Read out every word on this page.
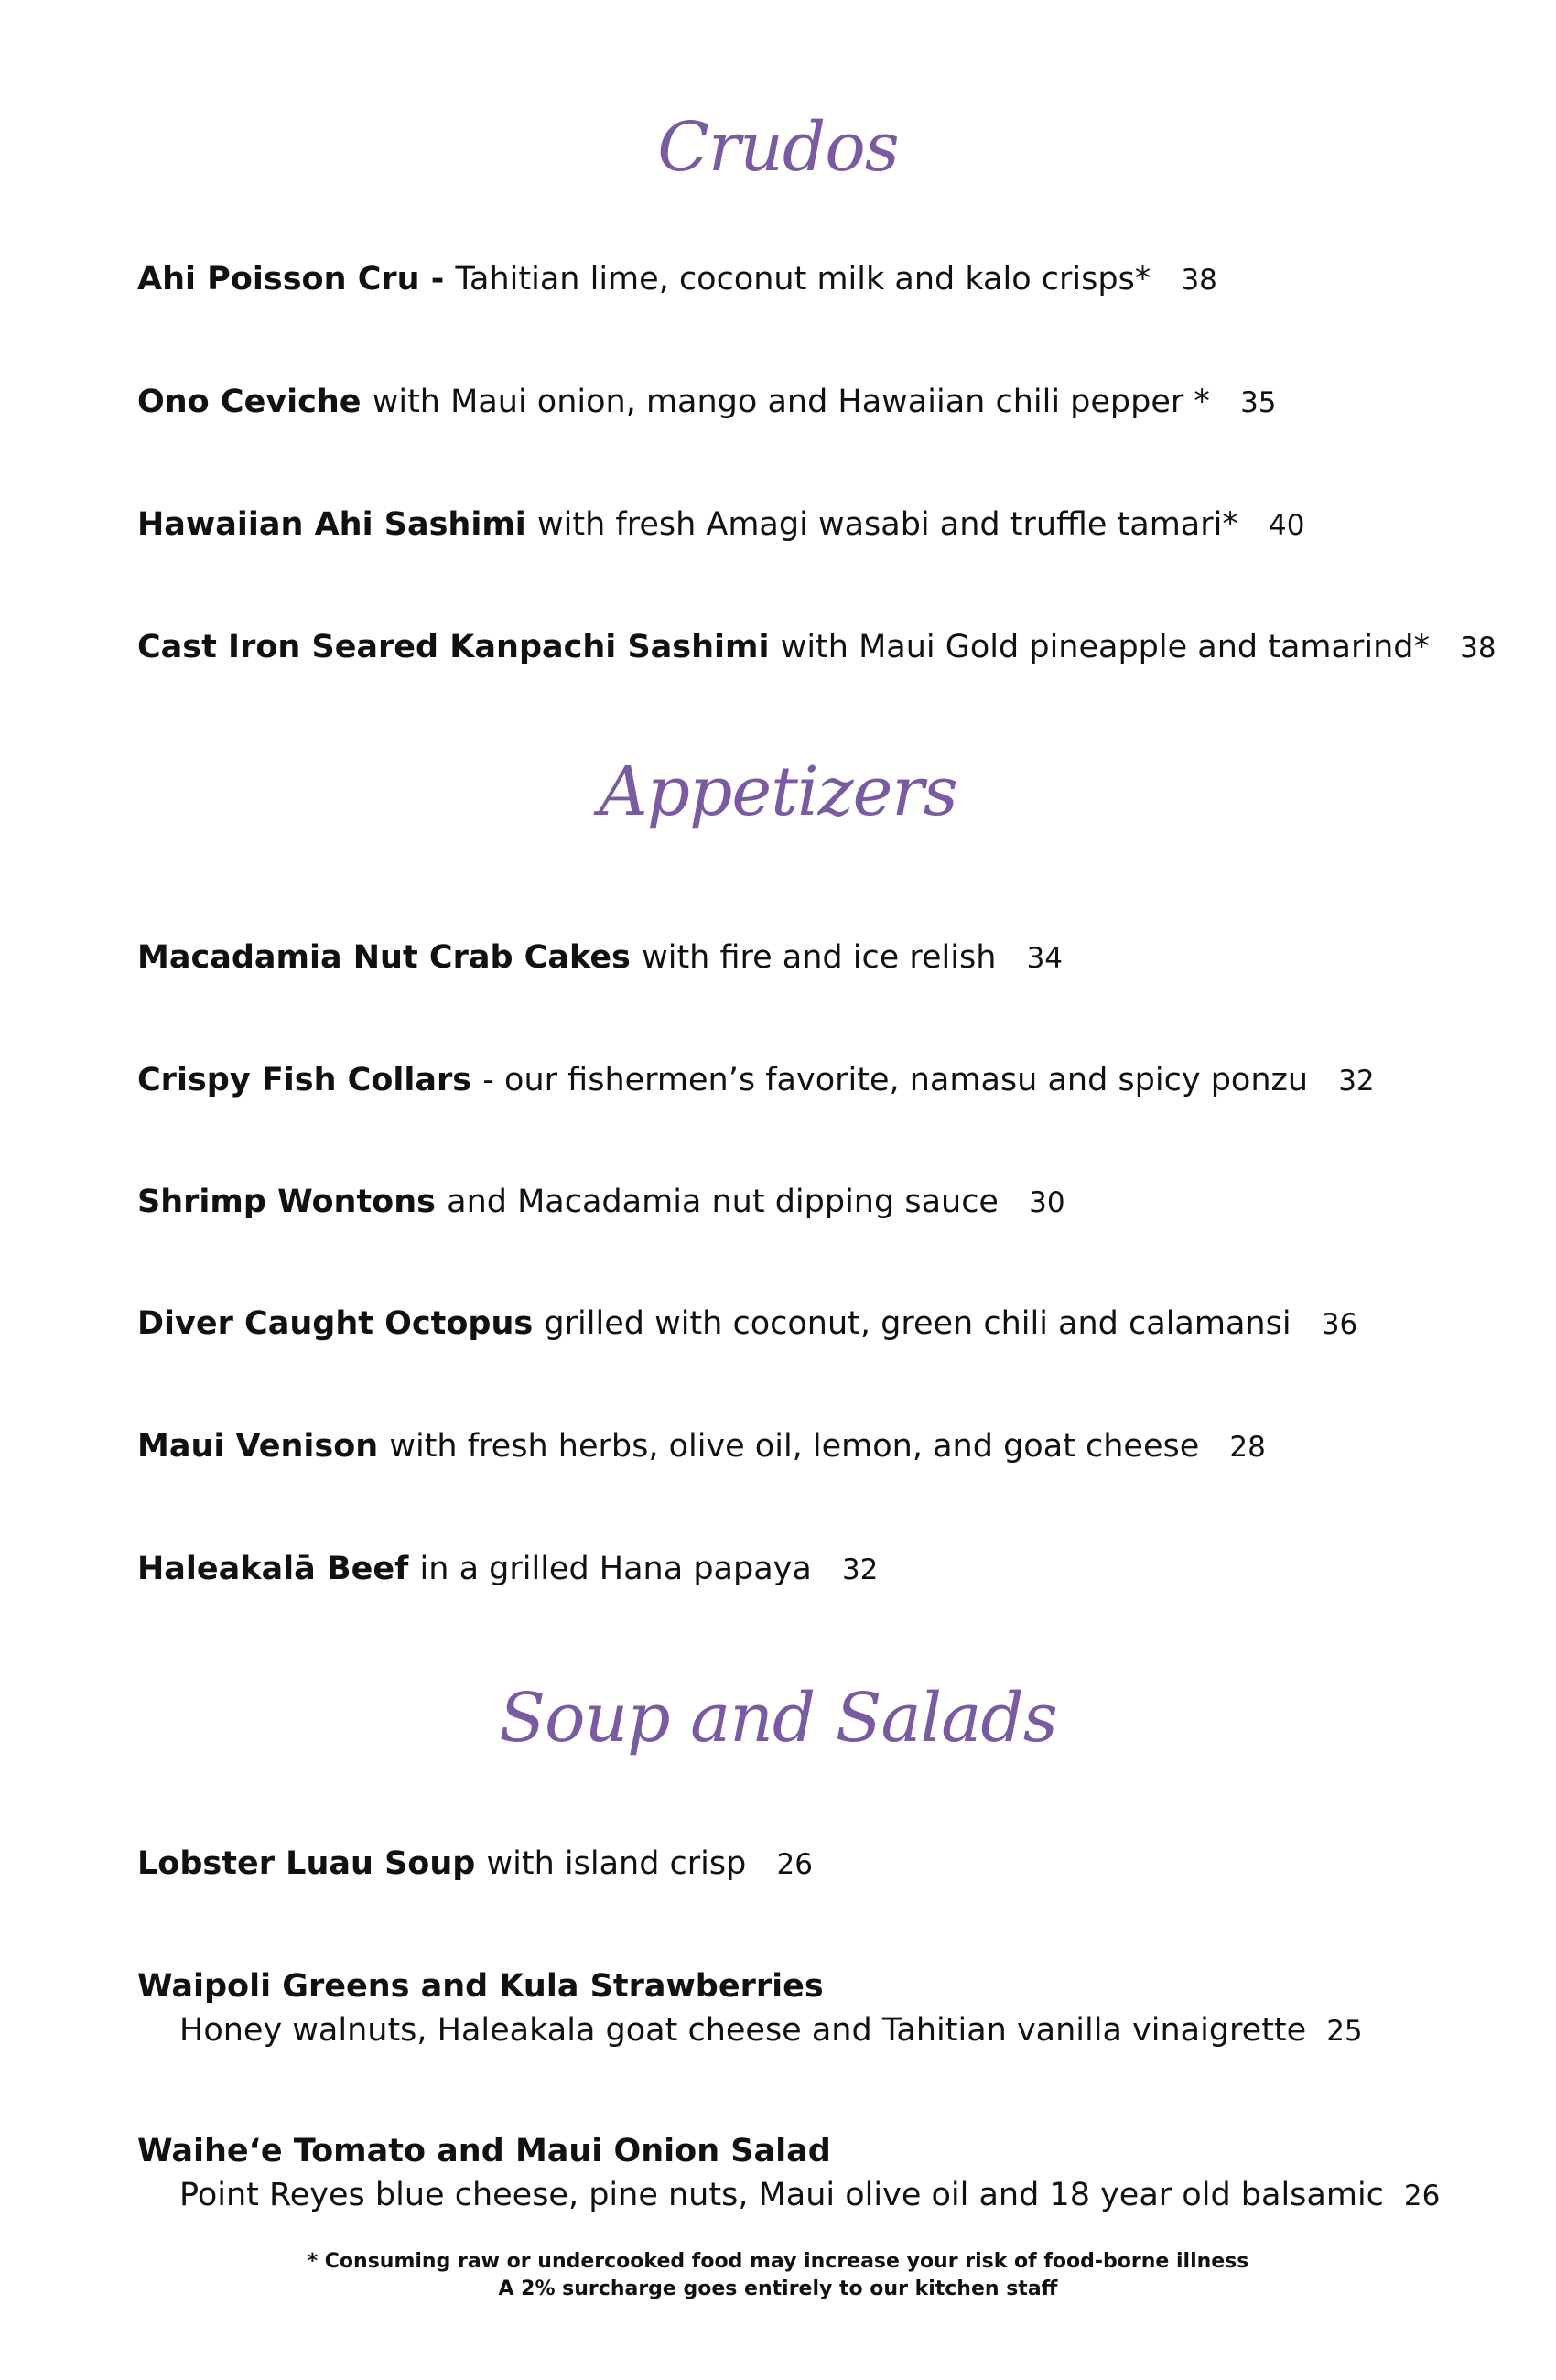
Crudos
Ahi Poisson Cru - Tahitian lime, coconut milk and kalo crisps* 38
Ono Ceviche with Maui onion, mango and Hawaiian chili pepper * 35
Hawaiian Ahi Sashimi with fresh Amagi wasabi and truffle tamari* 40
Cast Iron Seared Kanpachi Sashimi with Maui Gold pineapple and tamarind* 38
Appetizers
Macadamia Nut Crab Cakes with fire and ice relish 34
Crispy Fish Collars - our fishermen’s favorite, namasu and spicy ponzu 32
Shrimp Wontons and Macadamia nut dipping sauce 30
Diver Caught Octopus grilled with coconut, green chili and calamansi 36
Maui Venison with fresh herbs, olive oil, lemon, and goat cheese 28
Haleakalā Beef in a grilled Hana papaya 32
Soup and Salads
Lobster Luau Soup with island crisp 26
Waipoli Greens and Kula Strawberries
Honey walnuts, Haleakala goat cheese and Tahitian vanilla vinaigrette 25
Waihe‘e Tomato and Maui Onion Salad
Point Reyes blue cheese, pine nuts, Maui olive oil and 18 year old balsamic 26
* Consuming raw or undercooked food may increase your risk of food-borne illness
A 2% surcharge goes entirely to our kitchen staff
